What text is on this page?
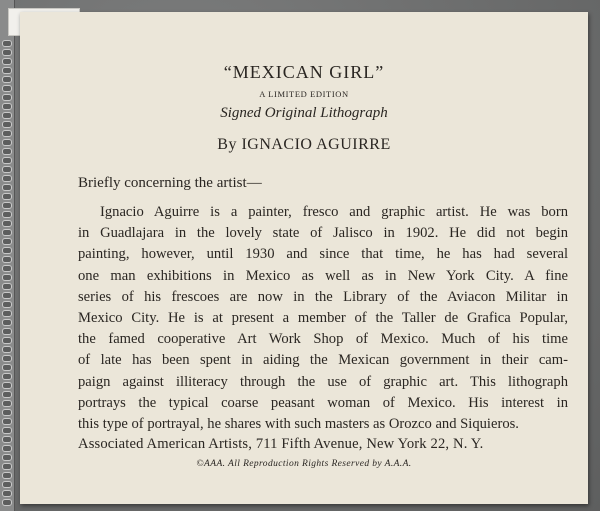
“MEXICAN GIRL”
A LIMITED EDITION
Signed Original Lithograph
By IGNACIO AGUIRRE
Briefly concerning the artist—
Ignacio Aguirre is a painter, fresco and graphic artist. He was born
in Guadlajara in the lovely state of Jalisco in 1902. He did not begin
painting, however, until 1930 and since that time, he has had several
one man exhibitions in Mexico as well as in New York City. A fine
series of his frescoes are now in the Library of the Aviacon Militar in
Mexico City. He is at present a member of the Taller de Grafica Popular,
the famed cooperative Art Work Shop of Mexico. Much of his time
of late has been spent in aiding the Mexican government in their cam-
paign against illiteracy through the use of graphic art. This lithograph
portrays the typical coarse peasant woman of Mexico. His interest in
this type of portrayal, he shares with such masters as Orozco and Siquieros.
Associated American Artists, 711 Fifth Avenue, New York 22, N. Y.
©AAA. All Reproduction Rights Reserved by A.A.A.
